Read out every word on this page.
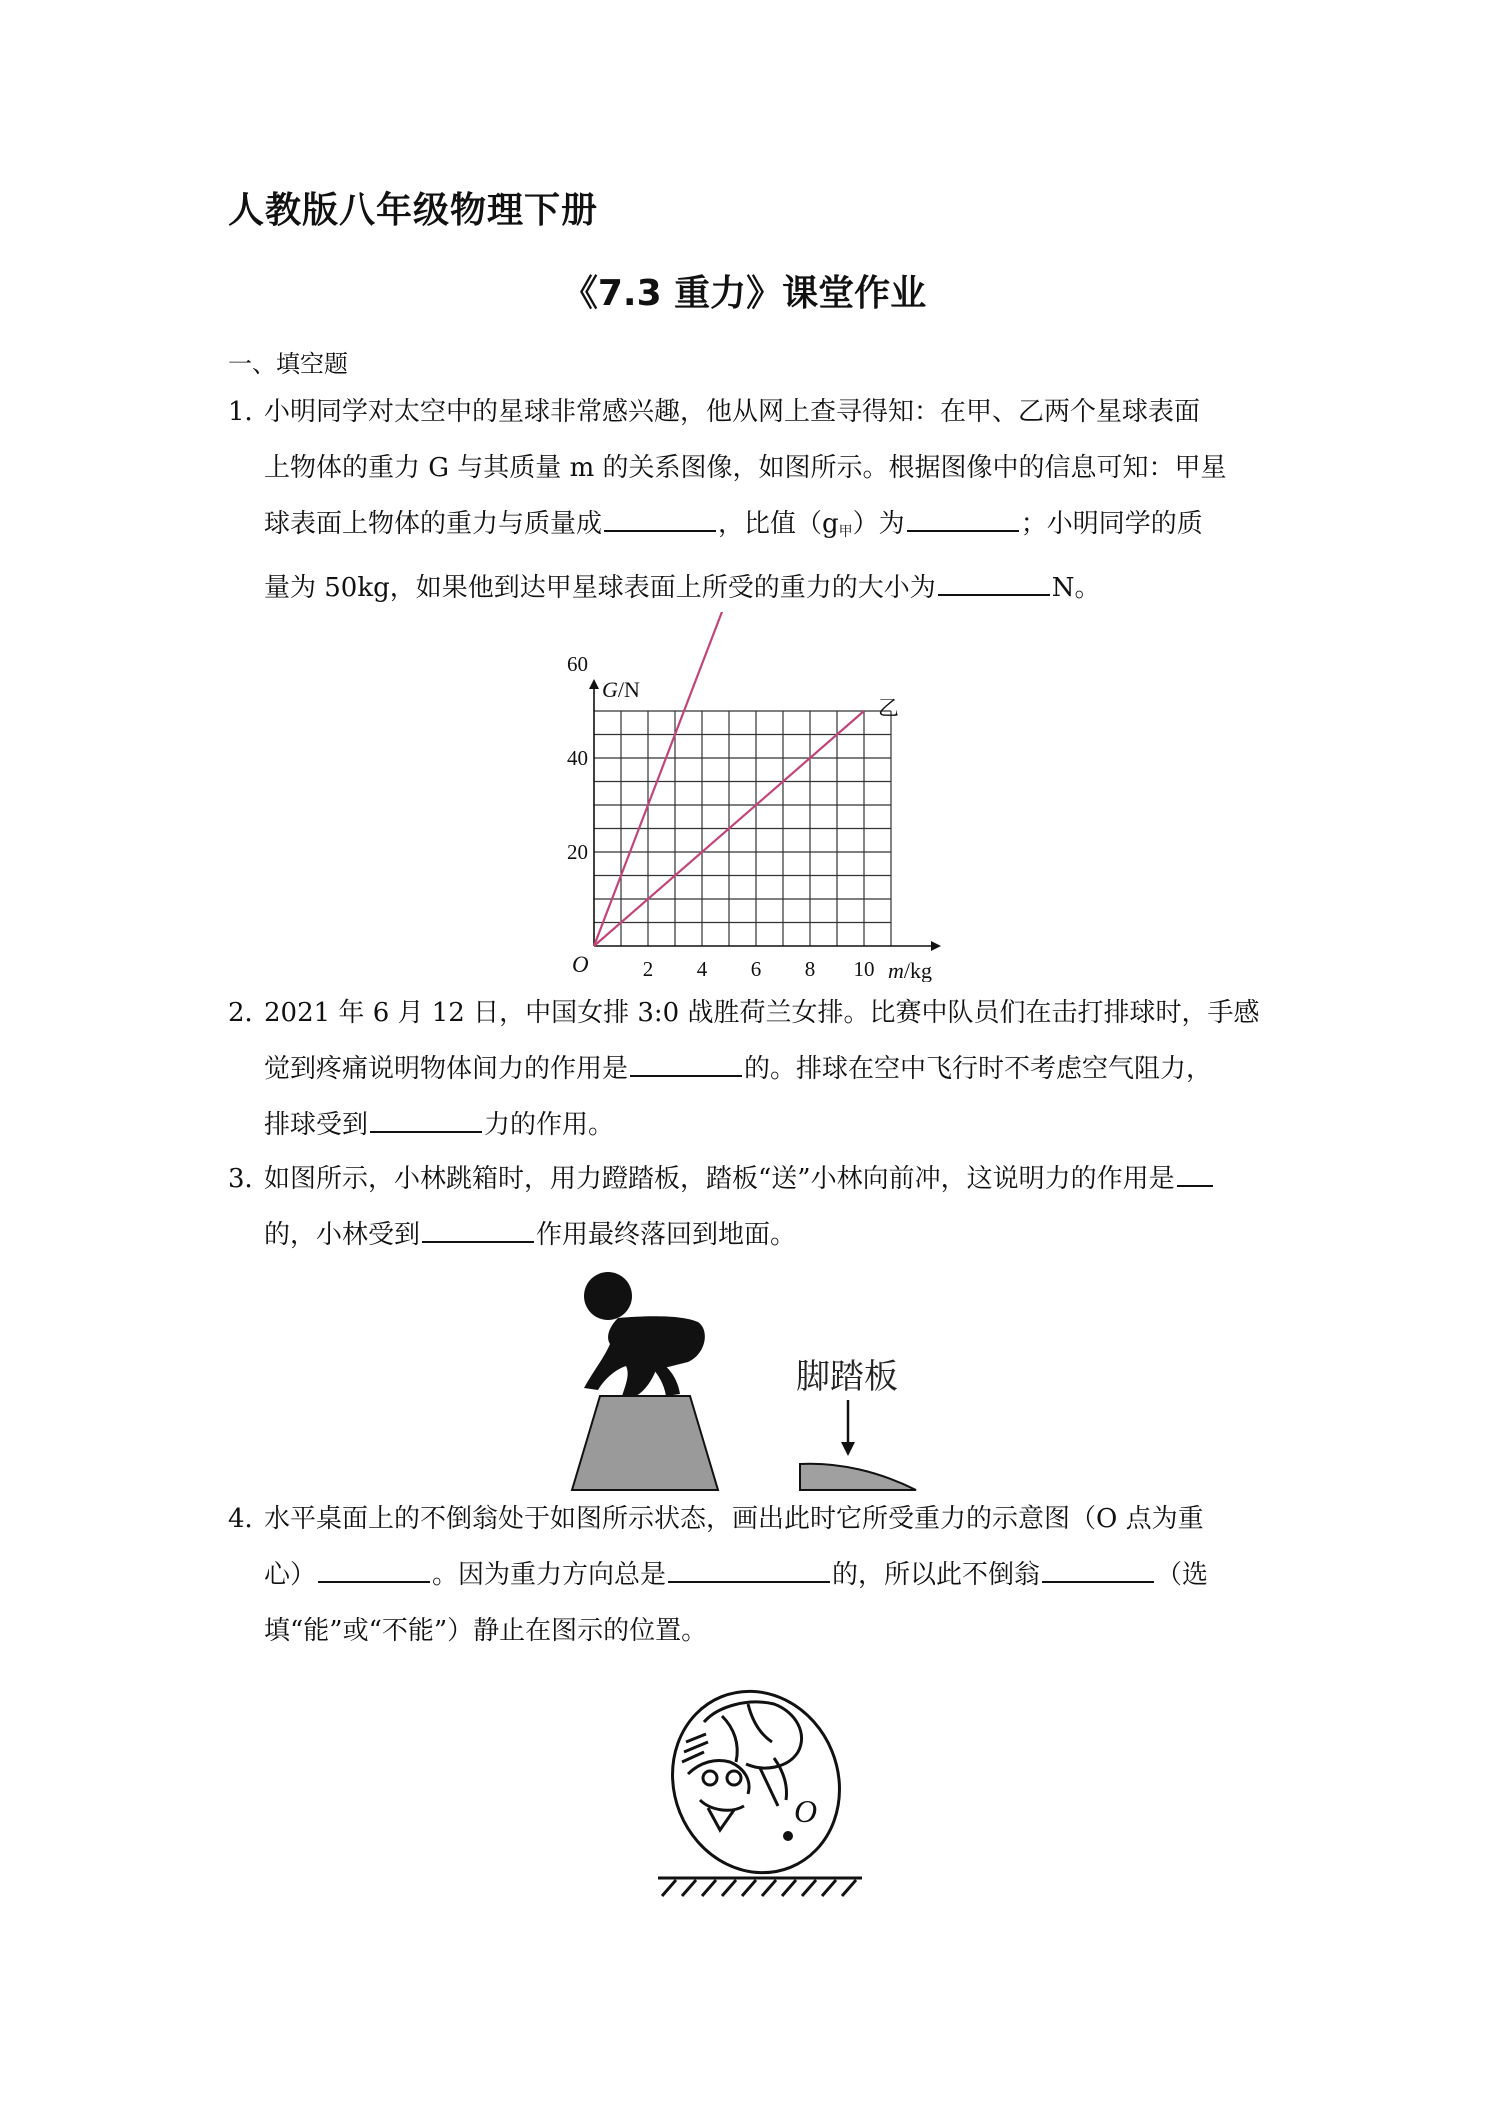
人教版八年级物理下册
《7.3 重力》课堂作业

一、填空题

1．
小明同学对太空中的星球非常感兴趣，他从网上查寻得知：在甲、乙两个星球表面
上物体的重力 G 与其质量 m 的关系图像，如图所示。根据图像中的信息可知：甲星
球表面上物体的重力与质量成	，比值$(g_甲)$为	；小明同学的质
量为 50kg，如果他到达甲星球表面上所受的重力的大小为	N。
2 4 6 8 10
20
40
60
O
G/N
m/kg
乙
2．
2021 年 6 月 12 日，中国女排 3:0 战胜荷兰女排。比赛中队员们在击打排球时，手感
觉到疼痛说明物体间力的作用是	的。排球在空中飞行时不考虑空气阻力，
排球受到	力的作用。
3．
如图所示，小林跳箱时，用力蹬踏板，踏板“送”小林向前冲，这说明力的作用是
的，小林受到	作用最终落回到地面。
脚踏板
4．
水平桌面上的不倒翁处于如图所示状态，画出此时它所受重力的示意图（O 点为重
心）	。因为重力方向总是	的，所以此不倒翁	（选
填“能”或“不能”）静止在图示的位置。
O
